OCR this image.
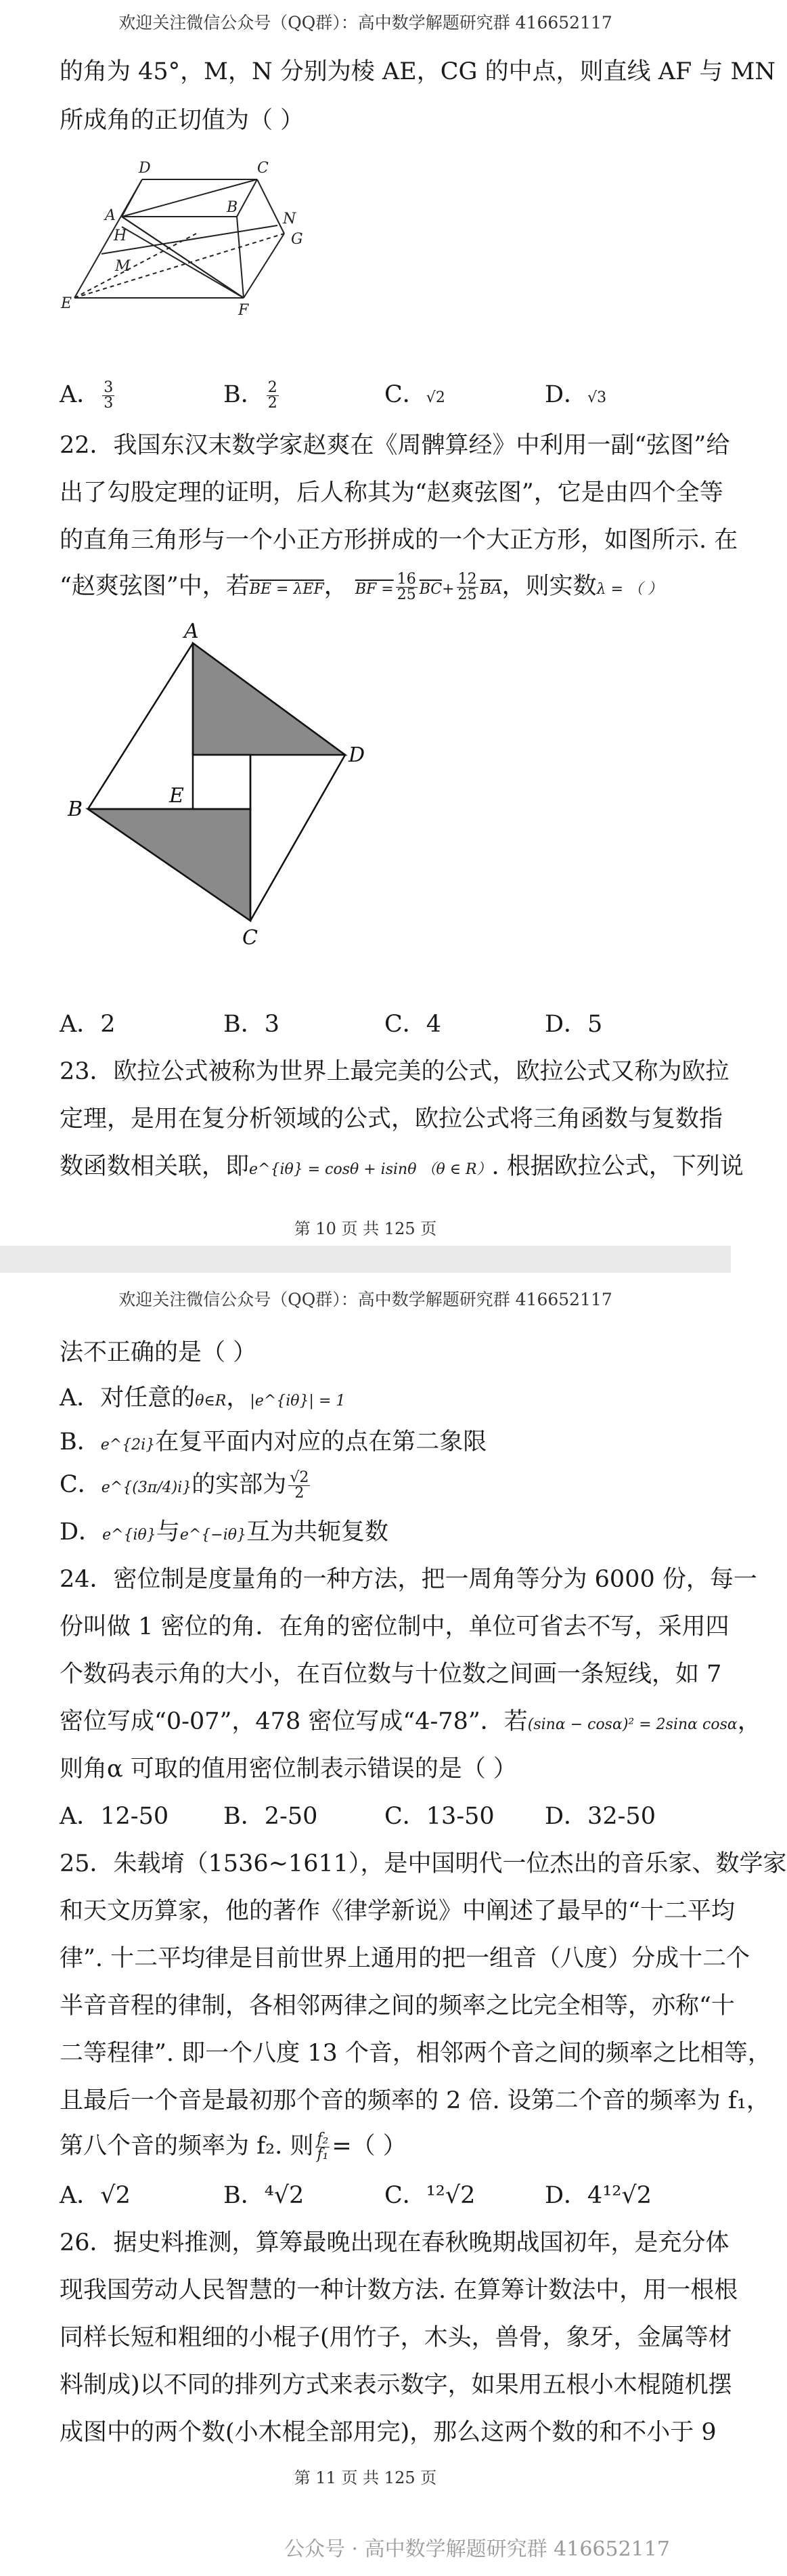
欢迎关注微信公众号（QQ群）：高中数学解题研究群 416652117
的角为 45°，M，N 分别为棱 AE，CG 的中点，则直线 AF 与 MN
所成角的正切值为（ ）
D	C
A	B
N
H	G
M
E	F
A． $\frac{3}{3}$	B． $\frac{2}{2}$	C．√2	D．√3
22．我国东汉末数学家赵爽在《周髀算经》中利用一副“弦图”给
出了勾股定理的证明，后人称其为“赵爽弦图”，它是由四个全等
的直角三角形与一个小正方形拼成的一个大正方形，如图所示. 在
“赵爽弦图”中，若BE = λEF， BF = $\frac{16}{25} \overline{BC}+ \frac{12}{25} \overline{BA}$，则实数λ = （ ）
A
D
E
B
C
A．2	B．3	C．4	D．5
23．欧拉公式被称为世界上最完美的公式，欧拉公式又称为欧拉
定理，是用在复分析领域的公式，欧拉公式将三角函数与复数指
数函数相关联，即e^{iθ} = cosθ + isinθ （θ ∈ R）. 根据欧拉公式，下列说
第 10 页 共 125 页
欢迎关注微信公众号（QQ群）：高中数学解题研究群 416652117
法不正确的是（ ）
A．对任意的θ∈R，|e^{iθ}| = 1
B．e^{2i}在复平面内对应的点在第二象限
C．e^{(3π/4)i}的实部为 $\frac{√2}{2}$
D．e^{iθ}与e^{−iθ}互为共轭复数
24．密位制是度量角的一种方法，把一周角等分为 6000 份，每一
份叫做 1 密位的角．在角的密位制中，单位可省去不写，采用四
个数码表示角的大小，在百位数与十位数之间画一条短线，如 7
密位写成“0-07”，478 密位写成“4-78”．若(sinα − cosα)² = 2sinα cosα，
则角α 可取的值用密位制表示错误的是（ ）
A．12-50 B．2-50	C．13-50 D．32-50
25．朱载堉（1536~1611），是中国明代一位杰出的音乐家、数学家
和天文历算家，他的著作《律学新说》中阐述了最早的“十二平均
律”. 十二平均律是目前世界上通用的把一组音（八度）分成十二个
半音音程的律制，各相邻两律之间的频率之比完全相等，亦称“十
二等程律”. 即一个八度 13 个音，相邻两个音之间的频率之比相等，
且最后一个音是最初那个音的频率的 2 倍. 设第二个音的频率为 f₁，
第八个音的频率为 f₂. 则 $\frac{\text{f₂}}{\text{f₁}}$ =（ ）
A．√2	B．⁴√2	C．¹²√2	D．4¹²√2
26．据史料推测，算筹最晚出现在春秋晚期战国初年，是充分体
现我国劳动人民智慧的一种计数方法. 在算筹计数法中，用一根根
同样长短和粗细的小棍子(用竹子，木头，兽骨，象牙，金属等材
料制成)以不同的排列方式来表示数字，如果用五根小木棍随机摆
成图中的两个数(小木棍全部用完)，那么这两个数的和不小于 9
第 11 页 共 125 页
公众号 · 高中数学解题研究群 416652117
